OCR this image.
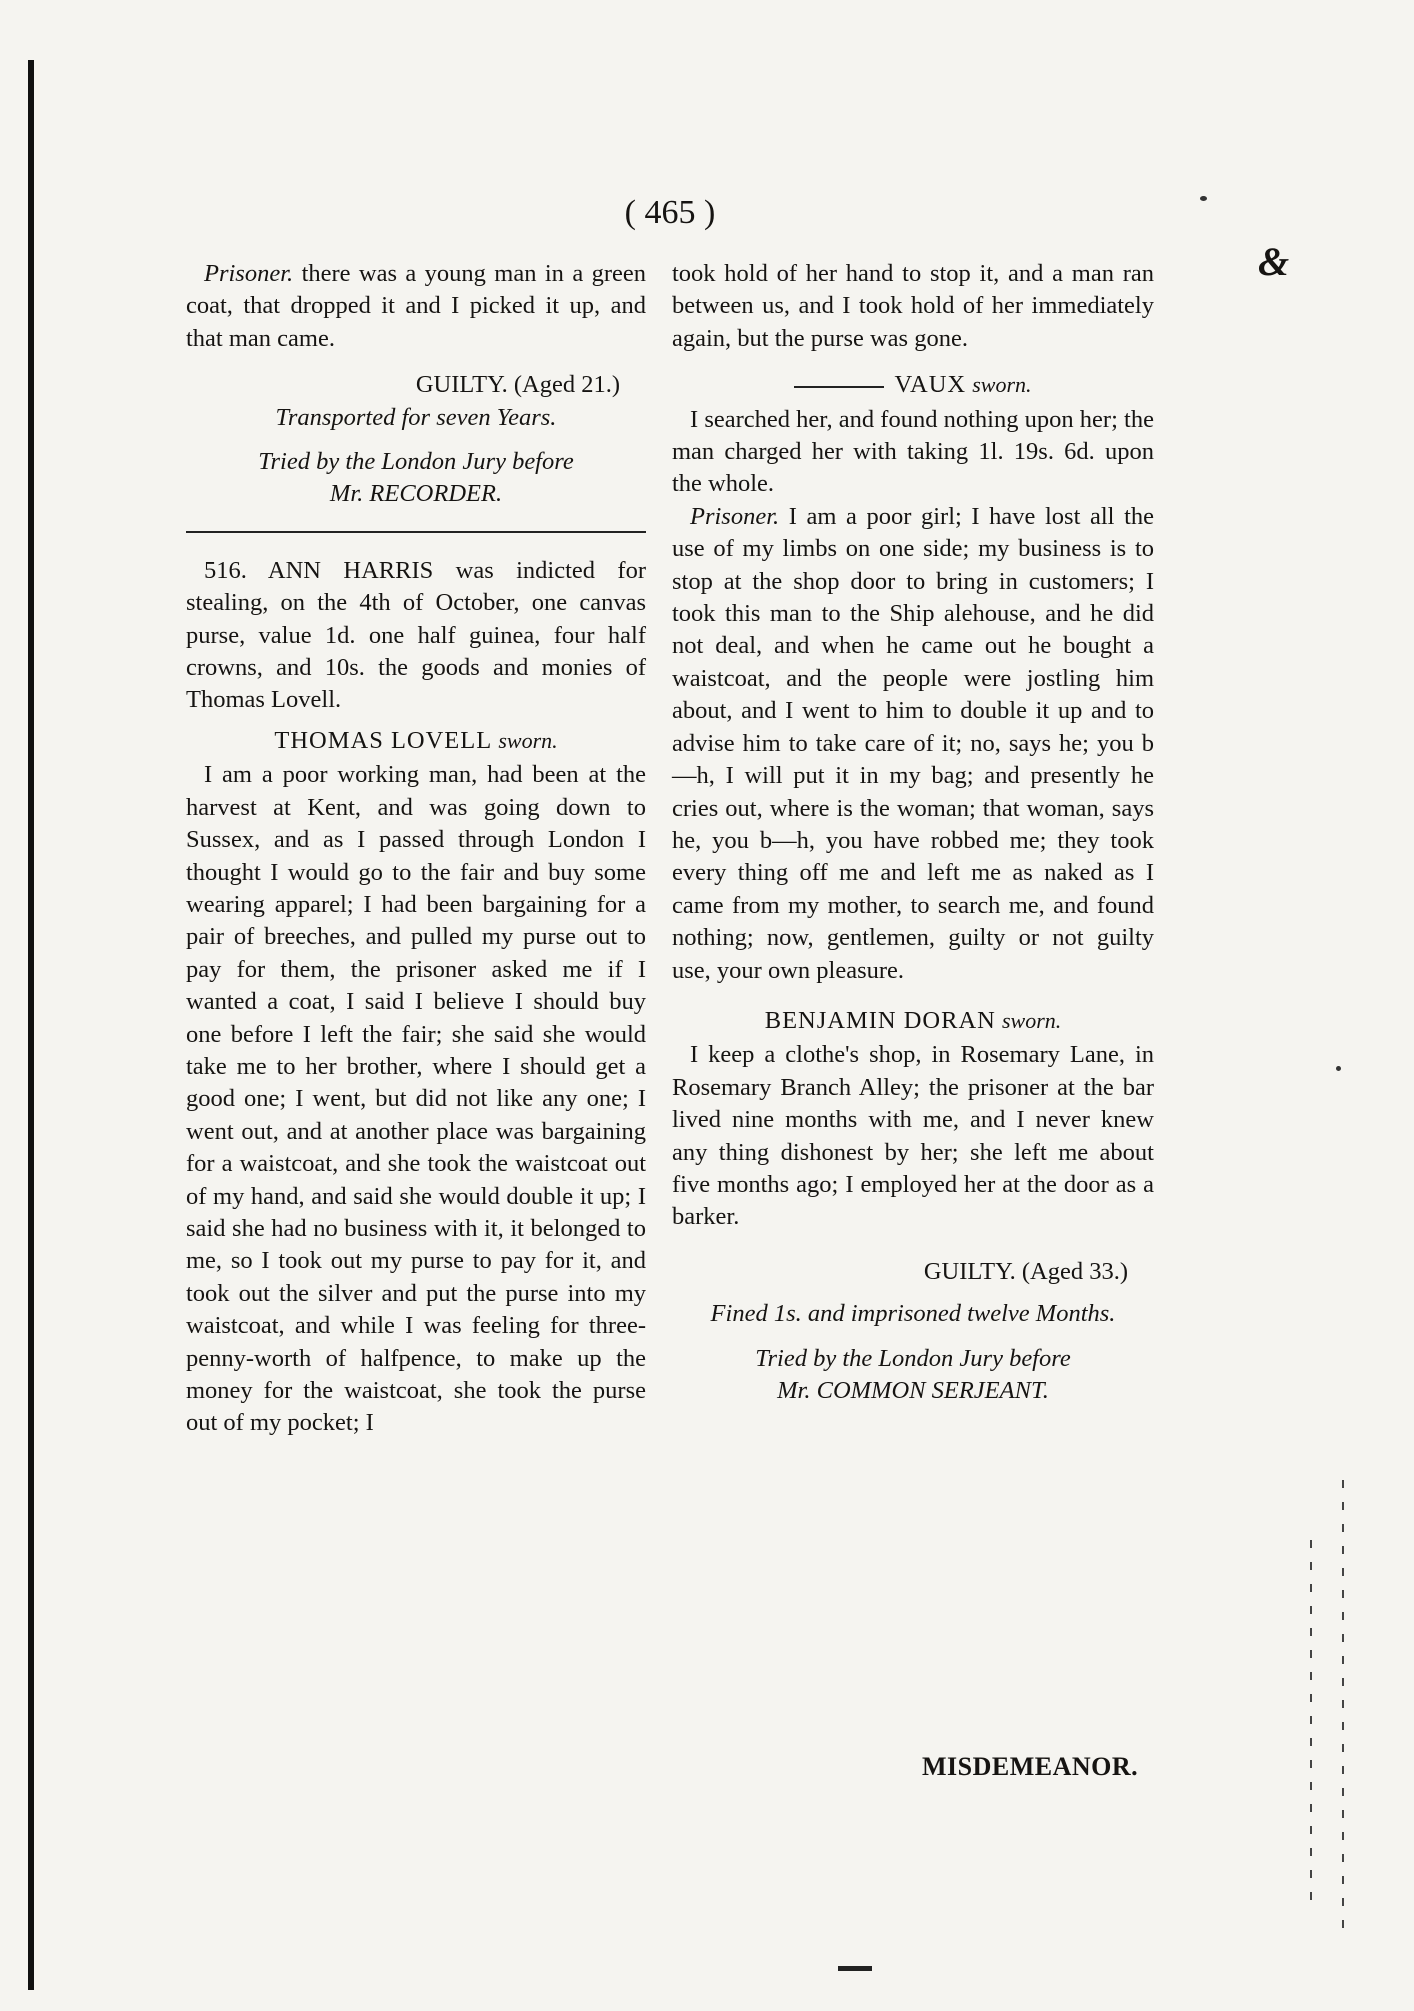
&
( 465 )

Prisoner. there was a young man in a green coat, that dropped it and I picked it up, and that man came.

GUILTY. (Aged 21.)

Transported for seven Years.

Tried by the London Jury before

Mr. RECORDER.

516. ANN HARRIS was indicted for stealing, on the 4th of October, one canvas purse, value 1d. one half guinea, four half crowns, and 10s. the goods and monies of Thomas Lovell.

THOMAS LOVELL sworn.

I am a poor working man, had been at the harvest at Kent, and was going down to Sussex, and as I passed through London I thought I would go to the fair and buy some wearing apparel; I had been bargaining for a pair of breeches, and pulled my purse out to pay for them, the prisoner asked me if I wanted a coat, I said I believe I should buy one before I left the fair; she said she would take me to her brother, where I should get a good one; I went, but did not like any one; I went out, and at another place was bargaining for a waistcoat, and she took the waistcoat out of my hand, and said she would double it up; I said she had no business with it, it belonged to me, so I took out my purse to pay for it, and took out the silver and put the purse into my waistcoat, and while I was feeling for three-penny-worth of halfpence, to make up the money for the waistcoat, she took the purse out of my pocket; I

took hold of her hand to stop it, and a man ran between us, and I took hold of her immediately again, but the purse was gone.

VAUX sworn.

I searched her, and found nothing upon her; the man charged her with taking 1l. 19s. 6d. upon the whole.

Prisoner. I am a poor girl; I have lost all the use of my limbs on one side; my business is to stop at the shop door to bring in customers; I took this man to the Ship alehouse, and he did not deal, and when he came out he bought a waistcoat, and the people were jostling him about, and I went to him to double it up and to advise him to take care of it; no, says he; you b—h, I will put it in my bag; and presently he cries out, where is the woman; that woman, says he, you b—h, you have robbed me; they took every thing off me and left me as naked as I came from my mother, to search me, and found nothing; now, gentlemen, guilty or not guilty use, your own pleasure.

BENJAMIN DORAN sworn.

I keep a clothe's shop, in Rosemary Lane, in Rosemary Branch Alley; the prisoner at the bar lived nine months with me, and I never knew any thing dishonest by her; she left me about five months ago; I employed her at the door as a barker.

GUILTY. (Aged 33.)

Fined 1s. and imprisoned twelve Months.

Tried by the London Jury before

Mr. COMMON SERJEANT.

MISDEMEANOR.
